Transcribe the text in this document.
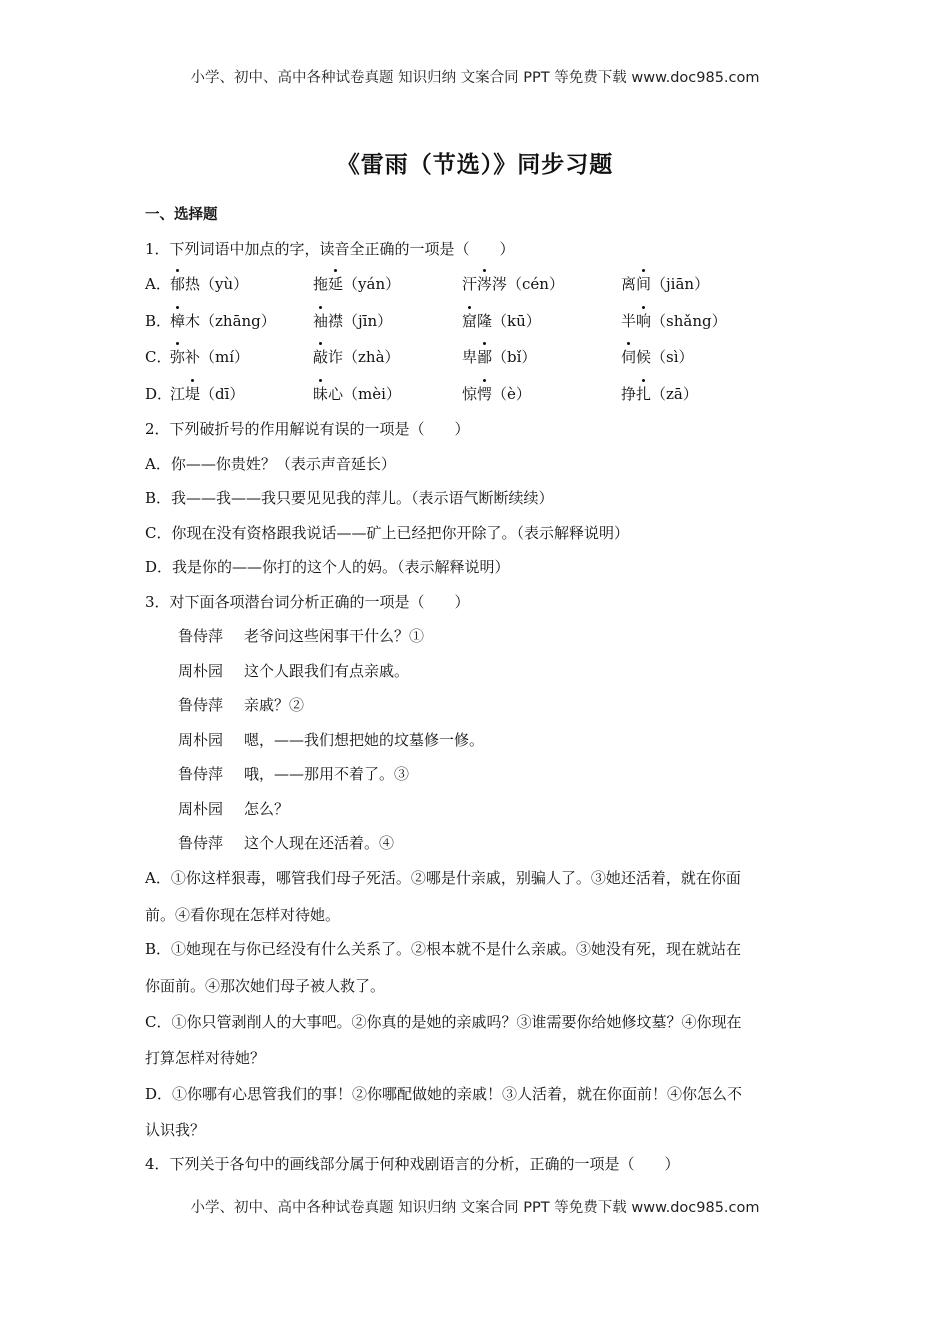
小学、初中、高中各种试卷真题 知识归纳 文案合同 PPT 等免费下载 www.doc985.com
《雷雨（节选）》同步习题
一、选择题
1．下列词语中加点的字，读音全正确的一项是（　　）
A． 郁热（yù）	拖延（yán）	汗涔涔（cén）	离间（jiān）
B．
樟木（zhāng） 袖襟（jīn）	窟隆（kū）	半响（shǎng）
C．
弥补（mí）	敲诈（zhà）	卑鄙（bǐ）	伺候（sì）
D．
江堤（dī）	昧心（mèi）	惊愕（è）	挣扎（zā）
2．下列破折号的作用解说有误的一项是（　　）
A．你——你贵姓？（表示声音延长）
B．我——我——我只要见见我的萍儿。（表示语气断断续续）
C．你现在没有资格跟我说话——矿上已经把你开除了。（表示解释说明）
D．我是你的——你打的这个人的妈。（表示解释说明）
3．对下面各项潜台词分析正确的一项是（　　）
鲁侍萍 老爷问这些闲事干什么？①
周朴园 这个人跟我们有点亲戚。
鲁侍萍 亲戚？②
周朴园 嗯，——我们想把她的坟墓修一修。
鲁侍萍 哦，——那用不着了。③
周朴园 怎么？
鲁侍萍 这个人现在还活着。④
A．①你这样狠毒，哪管我们母子死活。②哪是什亲戚，别骗人了。③她还活着，就在你面
前。④看你现在怎样对待她。
B．①她现在与你已经没有什么关系了。②根本就不是什么亲戚。③她没有死，现在就站在
你面前。④那次她们母子被人救了。
C．①你只管剥削人的大事吧。②你真的是她的亲戚吗？③谁需要你给她修坟墓？④你现在
打算怎样对待她？
D．①你哪有心思管我们的事！②你哪配做她的亲戚！③人活着，就在你面前！④你怎么不
认识我？
4．下列关于各句中的画线部分属于何种戏剧语言的分析，正确的一项是（　　）
小学、初中、高中各种试卷真题 知识归纳 文案合同 PPT 等免费下载 www.doc985.com
